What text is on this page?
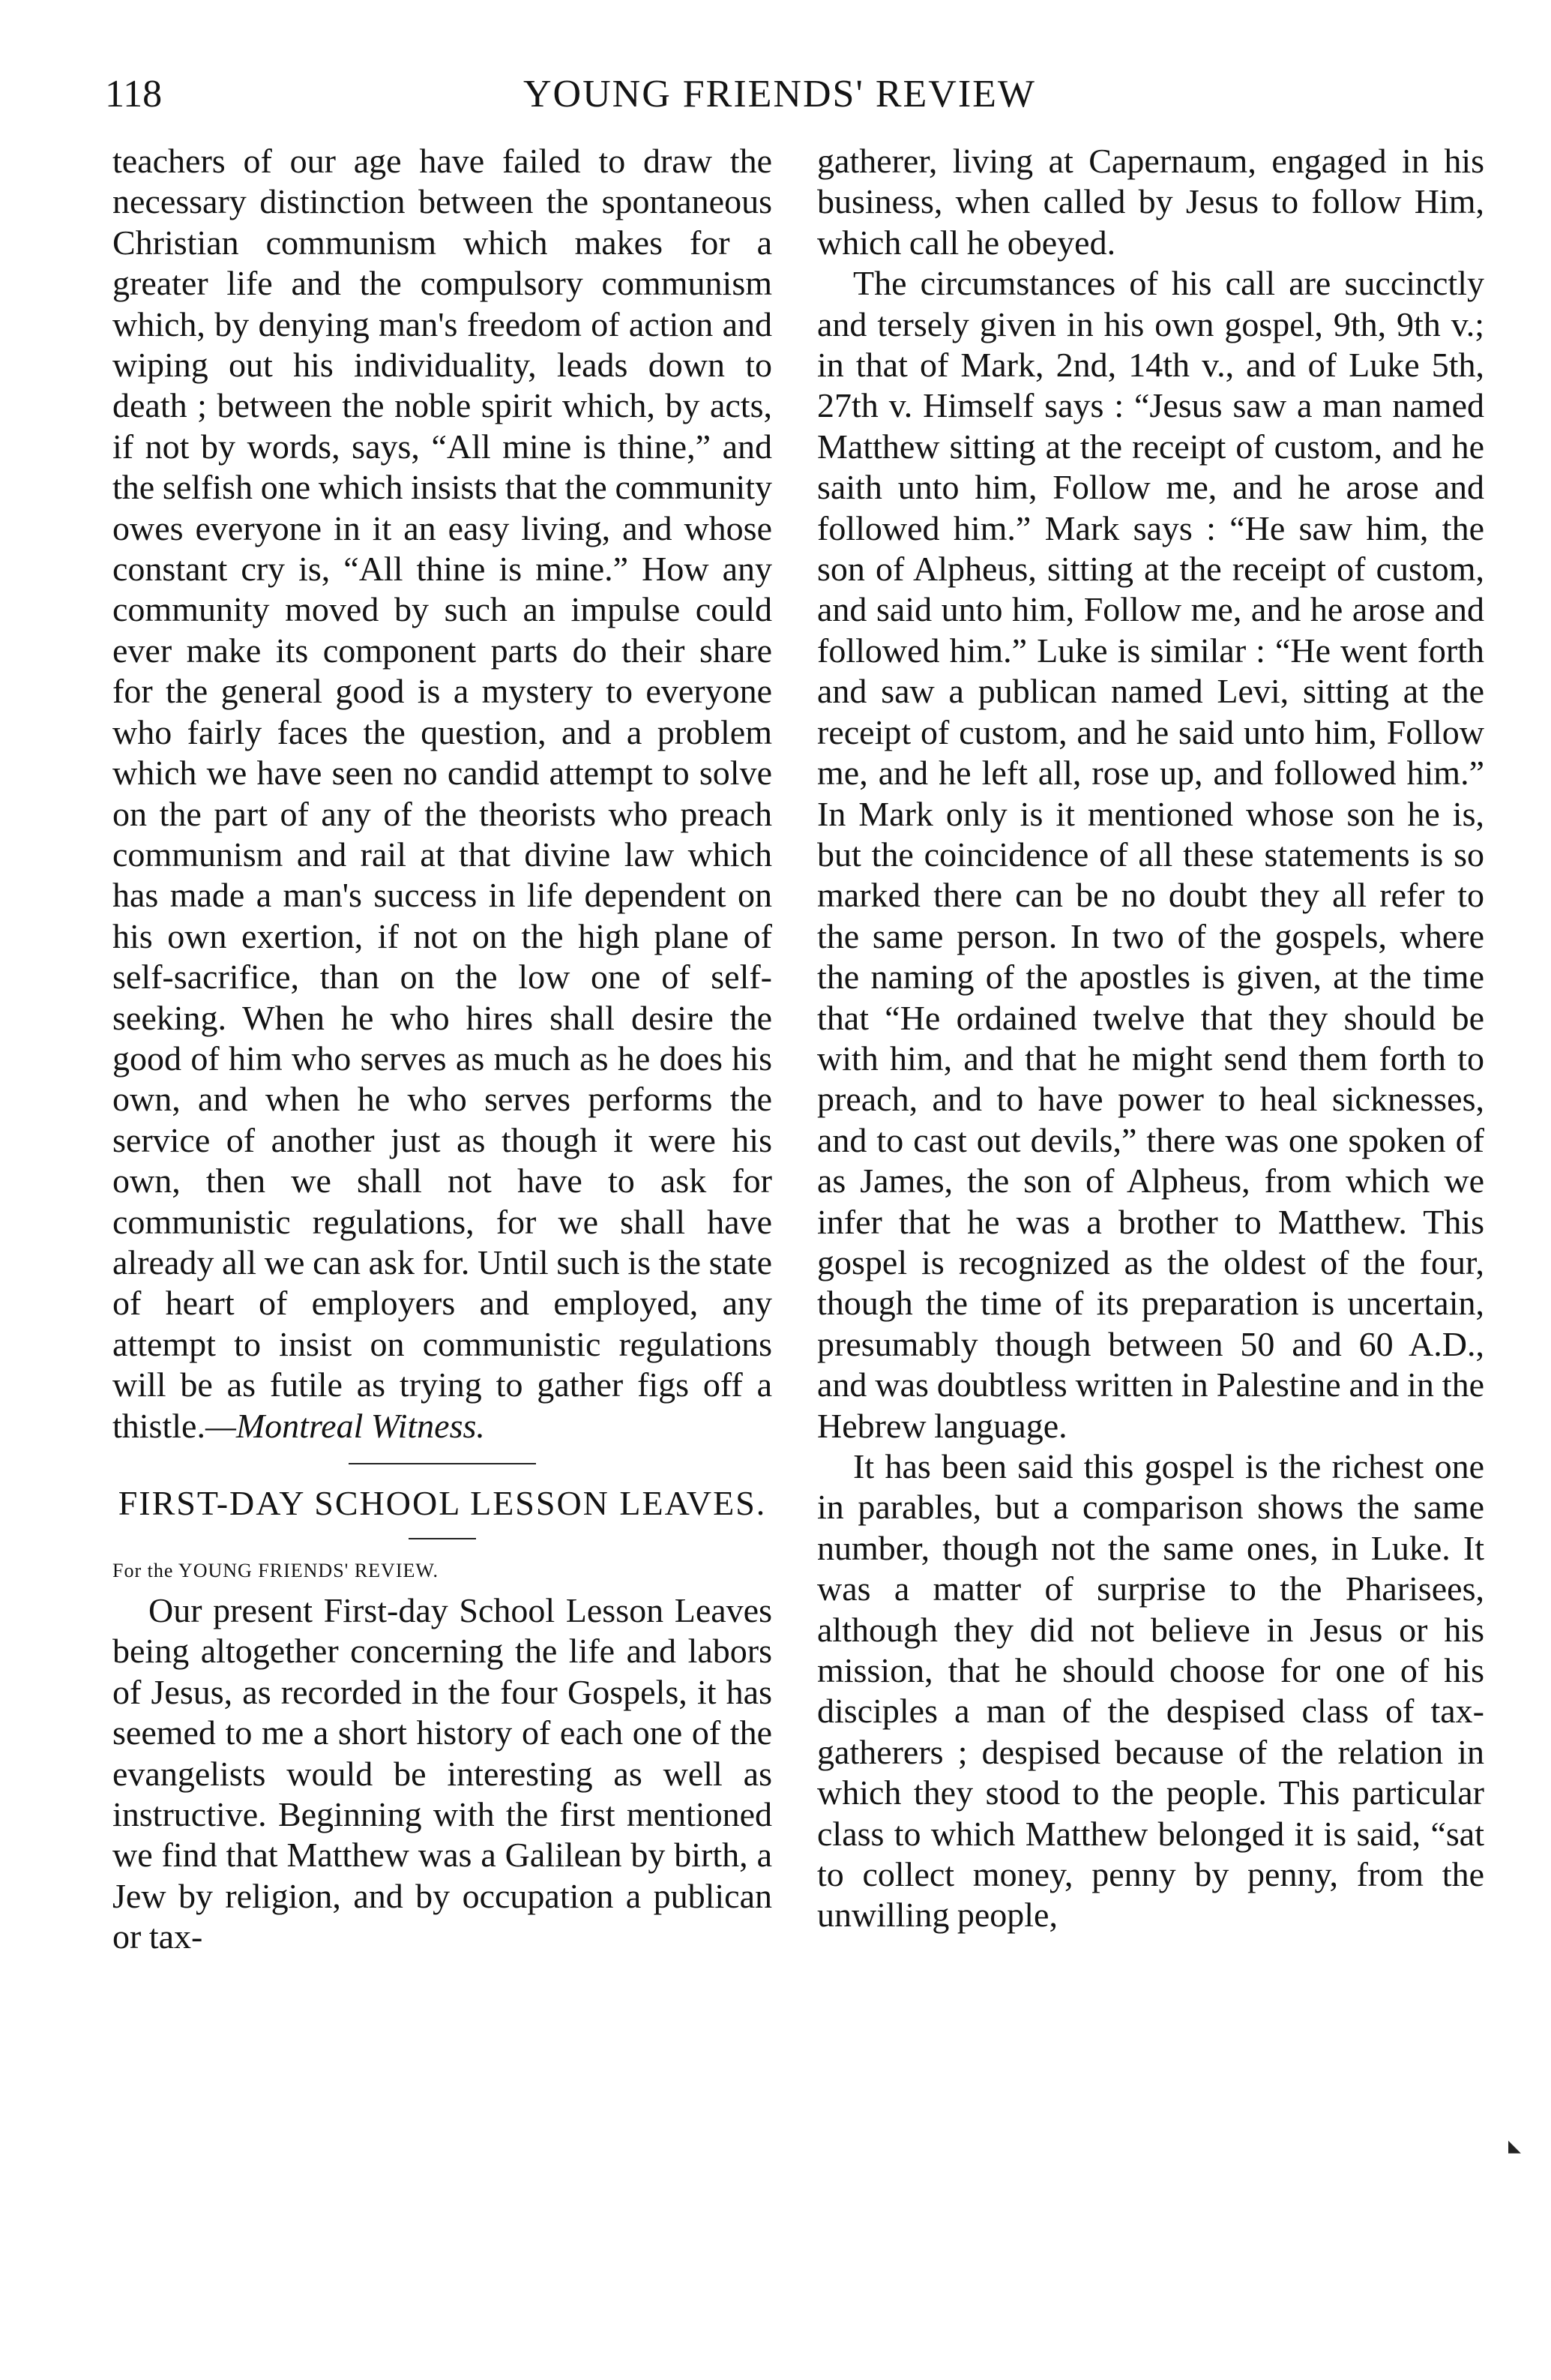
118	YOUNG FRIENDS' REVIEW

teachers of our age have failed to draw the necessary distinction between the spontaneous Christian communism which makes for a greater life and the compulsory communism which, by denying man's freedom of action and wiping out his individuality, leads down to death ; between the noble spirit which, by acts, if not by words, says, “All mine is thine,” and the selfish one which insists that the community owes everyone in it an easy living, and whose constant cry is, “All thine is mine.” How any community moved by such an impulse could ever make its component parts do their share for the general good is a mystery to everyone who fairly faces the question, and a problem which we have seen no candid attempt to solve on the part of any of the theorists who preach communism and rail at that divine law which has made a man's success in life dependent on his own exertion, if not on the high plane of self-sacrifice, than on the low one of self-seeking. When he who hires shall desire the good of him who serves as much as he does his own, and when he who serves performs the service of another just as though it were his own, then we shall not have to ask for communistic regulations, for we shall have already all we can ask for. Until such is the state of heart of employers and employed, any attempt to insist on communistic regulations will be as futile as trying to gather figs off a thistle.—Montreal Witness.

FIRST-DAY SCHOOL LESSON LEAVES.
For the YOUNG FRIENDS' REVIEW.

Our present First-day School Lesson Leaves being altogether concerning the life and labors of Jesus, as recorded in the four Gospels, it has seemed to me a short history of each one of the evangelists would be interesting as well as instructive. Beginning with the first mentioned we find that Matthew was a Galilean by birth, a Jew by religion, and by occupation a publican or tax-

gatherer, living at Capernaum, engaged in his business, when called by Jesus to follow Him, which call he obeyed.

The circumstances of his call are succinctly and tersely given in his own gospel, 9th, 9th v.; in that of Mark, 2nd, 14th v., and of Luke 5th, 27th v. Himself says : “Jesus saw a man named Matthew sitting at the receipt of custom, and he saith unto him, Follow me, and he arose and followed him.” Mark says : “He saw him, the son of Alpheus, sitting at the receipt of custom, and said unto him, Follow me, and he arose and followed him.” Luke is similar : “He went forth and saw a publican named Levi, sitting at the receipt of custom, and he said unto him, Follow me, and he left all, rose up, and followed him.” In Mark only is it mentioned whose son he is, but the coincidence of all these statements is so marked there can be no doubt they all refer to the same person. In two of the gospels, where the naming of the apostles is given, at the time that “He ordained twelve that they should be with him, and that he might send them forth to preach, and to have power to heal sicknesses, and to cast out devils,” there was one spoken of as James, the son of Alpheus, from which we infer that he was a brother to Matthew. This gospel is recognized as the oldest of the four, though the time of its preparation is uncertain, presumably though between 50 and 60 A.D., and was doubtless written in Palestine and in the Hebrew language.

It has been said this gospel is the richest one in parables, but a comparison shows the same number, though not the same ones, in Luke. It was a matter of surprise to the Pharisees, although they did not believe in Jesus or his mission, that he should choose for one of his disciples a man of the despised class of tax-gatherers ; despised because of the relation in which they stood to the people. This particular class to which Matthew belonged it is said, “sat to collect money, penny by penny, from the unwilling people,

◣
